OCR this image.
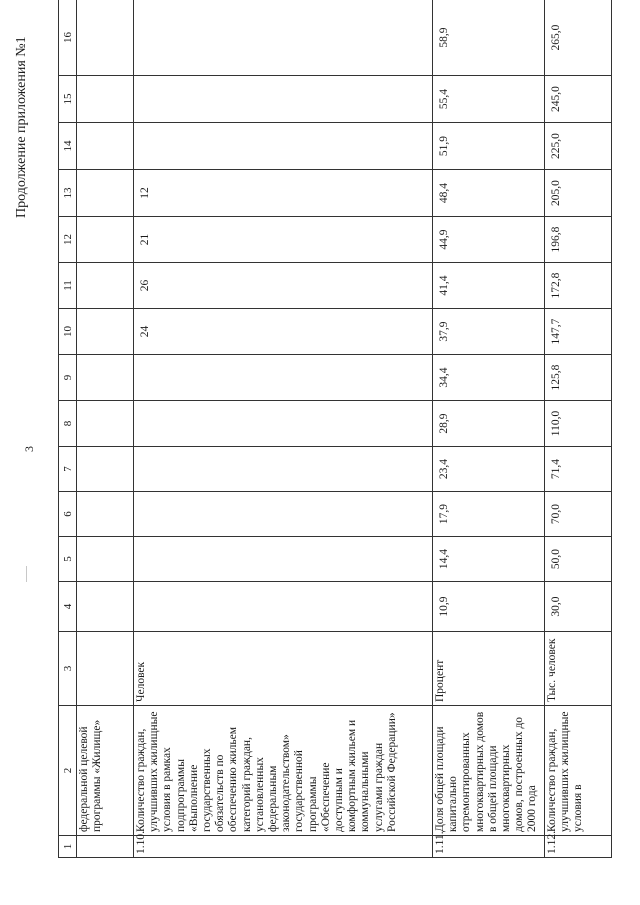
3
Продолжение приложения №1
1	2	3	4	5	6	7	8	9	10	11	12	13	14	15	16
	федеральной целевой программы «Жилище»														
1.10.	Количество граждан, улучшивших жилищные условия в рамках подпрограммы «Выполнение государственных обязательств по обеспечению жильем категорий граждан, установленных федеральным законодательством» государственной программы «Обеспечение доступным и комфортным жильем и коммунальными услугами граждан Российской Федерации»	Человек							24	26	21	12			
1.11.	Доля общей площади капитально отремонтированных многоквартирных домов в общей площади многоквартирных домов, построенных до 2000 года	Процент	10,9	14,4	17,9	23,4	28,9	34,4	37,9	41,4	44,9	48,4	51,9	55,4	58,9
1.12.	Количество граждан, улучшивших жилищные условия в	Тыс. человек	30,0	50,0	70,0	71,4	110,0	125,8	147,7	172,8	196,8	205,0	225,0	245,0	265,0
